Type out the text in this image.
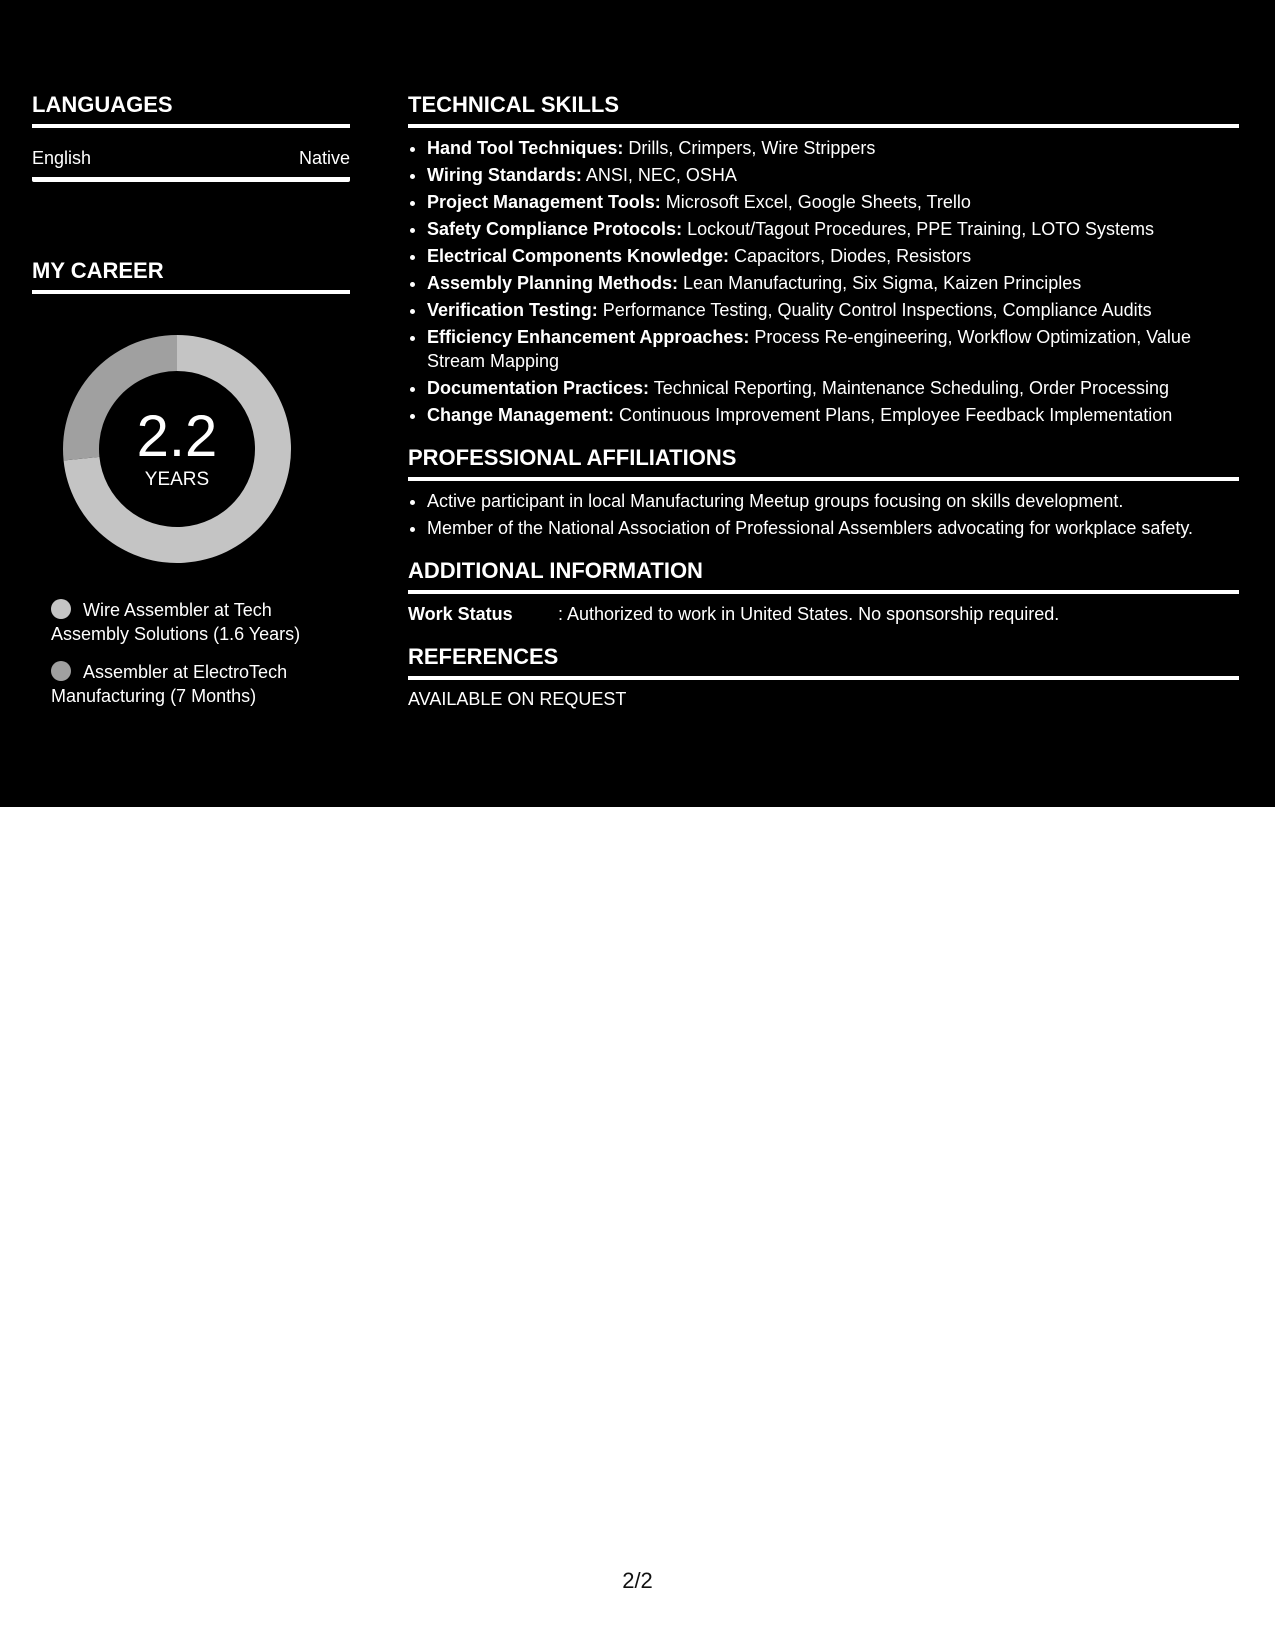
LANGUAGES
English	Native
MY CAREER
2.2
YEARS
Wire Assembler at Tech Assembly Solutions (1.6 Years)
Assembler at ElectroTech Manufacturing (7 Months)
TECHNICAL SKILLS
• Hand Tool Techniques: Drills, Crimpers, Wire Strippers
• Wiring Standards: ANSI, NEC, OSHA
• Project Management Tools: Microsoft Excel, Google Sheets, Trello
• Safety Compliance Protocols: Lockout/Tagout Procedures, PPE Training, LOTO Systems
• Electrical Components Knowledge: Capacitors, Diodes, Resistors
• Assembly Planning Methods: Lean Manufacturing, Six Sigma, Kaizen Principles
• Verification Testing: Performance Testing, Quality Control Inspections, Compliance Audits
• Efficiency Enhancement Approaches: Process Re-engineering, Workflow Optimization, Value Stream Mapping
• Documentation Practices: Technical Reporting, Maintenance Scheduling, Order Processing
• Change Management: Continuous Improvement Plans, Employee Feedback Implementation
PROFESSIONAL AFFILIATIONS
• Active participant in local Manufacturing Meetup groups focusing on skills development.
• Member of the National Association of Professional Assemblers advocating for workplace safety.
ADDITIONAL INFORMATION
Work Status	: Authorized to work in United States. No sponsorship required.
REFERENCES
AVAILABLE ON REQUEST
2/2
